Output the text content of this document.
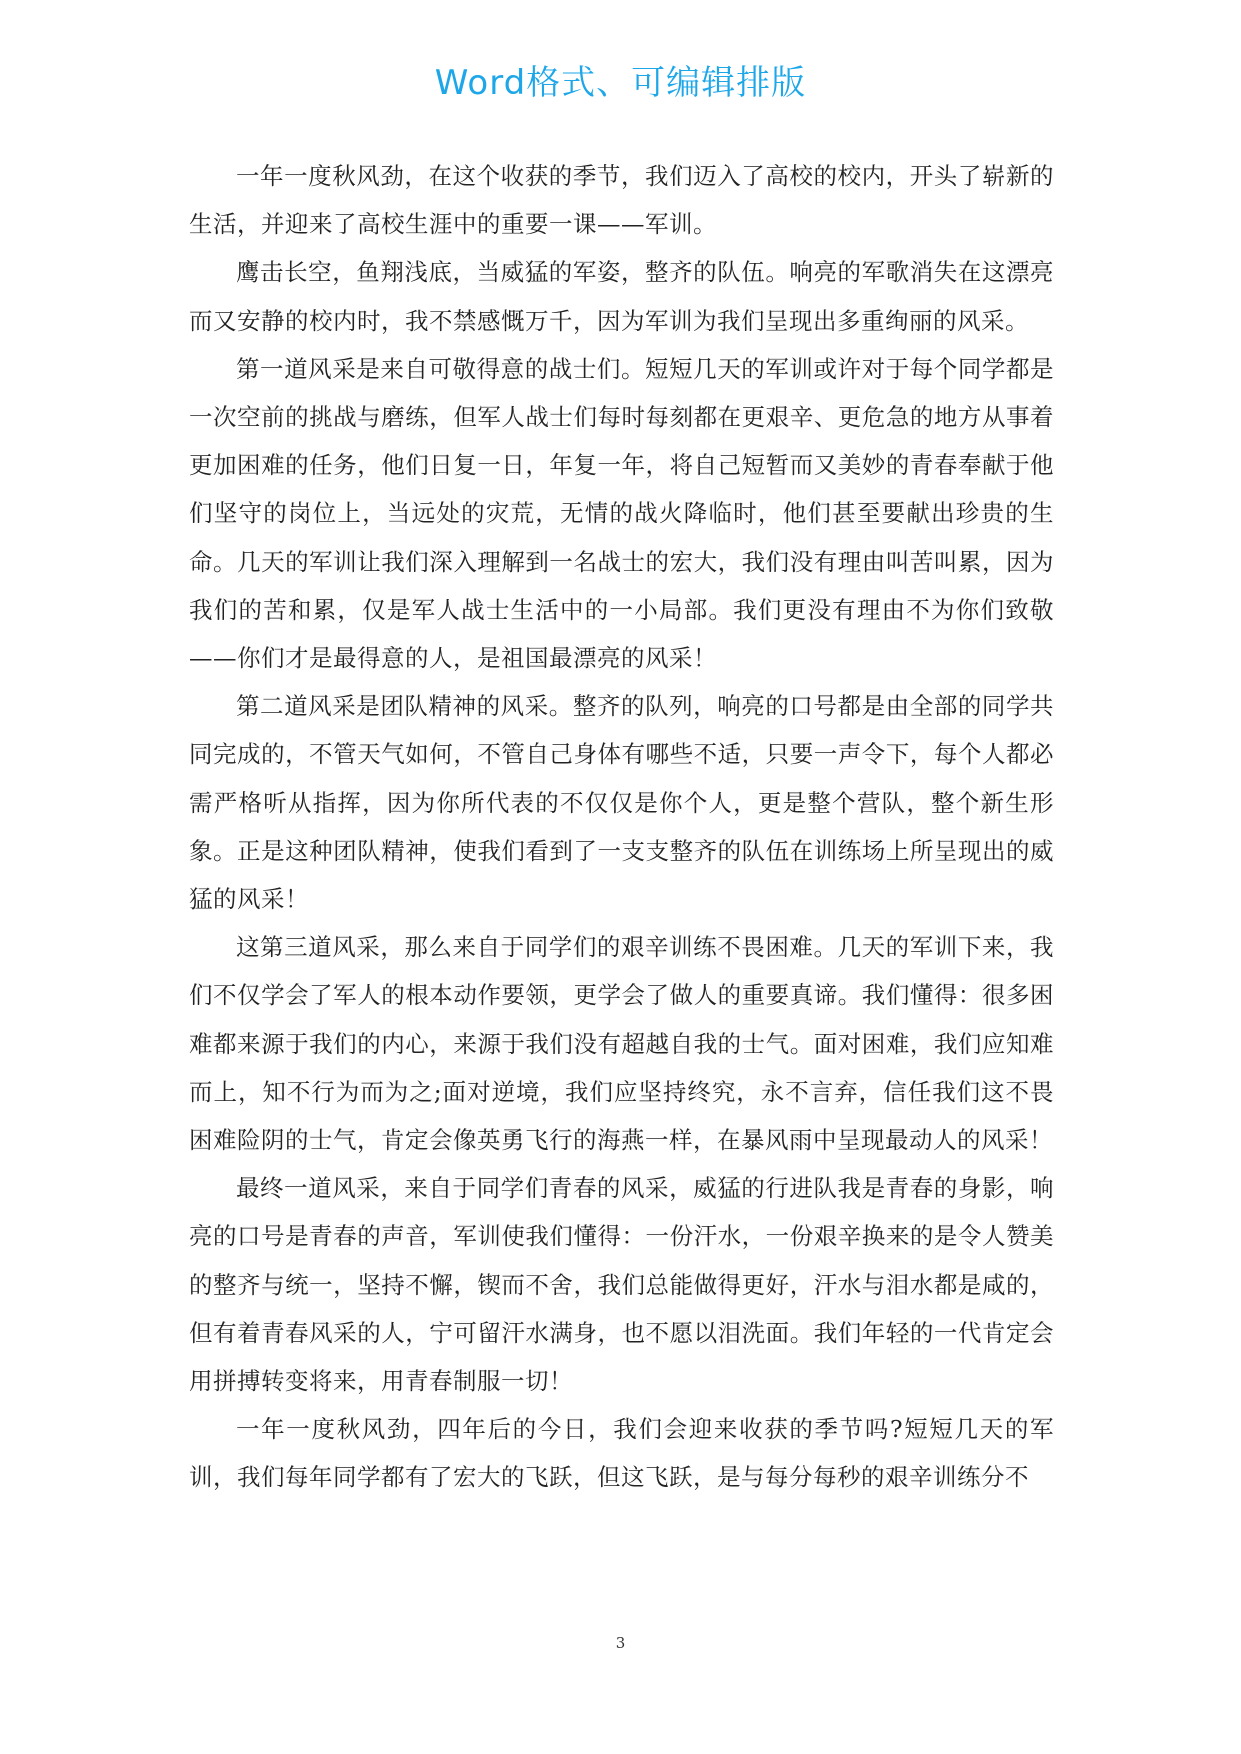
Word格式、可编辑排版

一年一度秋风劲，在这个收获的季节，我们迈入了高校的校内，开头了崭新的生活，并迎来了高校生涯中的重要一课——军训。

鹰击长空，鱼翔浅底，当威猛的军姿，整齐的队伍。响亮的军歌消失在这漂亮而又安静的校内时，我不禁感慨万千，因为军训为我们呈现出多重绚丽的风采。

第一道风采是来自可敬得意的战士们。短短几天的军训或许对于每个同学都是一次空前的挑战与磨练，但军人战士们每时每刻都在更艰辛、更危急的地方从事着更加困难的任务，他们日复一日，年复一年，将自己短暂而又美妙的青春奉献于他们坚守的岗位上，当远处的灾荒，无情的战火降临时，他们甚至要献出珍贵的生命。几天的军训让我们深入理解到一名战士的宏大，我们没有理由叫苦叫累，因为我们的苦和累，仅是军人战士生活中的一小局部。我们更没有理由不为你们致敬——你们才是最得意的人，是祖国最漂亮的风采！

第二道风采是团队精神的风采。整齐的队列，响亮的口号都是由全部的同学共同完成的，不管天气如何，不管自己身体有哪些不适，只要一声令下，每个人都必需严格听从指挥，因为你所代表的不仅仅是你个人，更是整个营队，整个新生形象。正是这种团队精神，使我们看到了一支支整齐的队伍在训练场上所呈现出的威猛的风采！

这第三道风采，那么来自于同学们的艰辛训练不畏困难。几天的军训下来，我们不仅学会了军人的根本动作要领，更学会了做人的重要真谛。我们懂得：很多困难都来源于我们的内心，来源于我们没有超越自我的士气。面对困难，我们应知难而上，知不行为而为之;面对逆境，我们应坚持终究，永不言弃，信任我们这不畏困难险阴的士气，肯定会像英勇飞行的海燕一样，在暴风雨中呈现最动人的风采！

最终一道风采，来自于同学们青春的风采，威猛的行进队我是青春的身影，响亮的口号是青春的声音，军训使我们懂得：一份汗水，一份艰辛换来的是令人赞美的整齐与统一，坚持不懈，锲而不舍，我们总能做得更好，汗水与泪水都是咸的，但有着青春风采的人，宁可留汗水满身，也不愿以泪洗面。我们年轻的一代肯定会用拼搏转变将来，用青春制服一切！

一年一度秋风劲，四年后的今日，我们会迎来收获的季节吗?短短几天的军训，我们每年同学都有了宏大的飞跃，但这飞跃，是与每分每秒的艰辛训练分不

3
